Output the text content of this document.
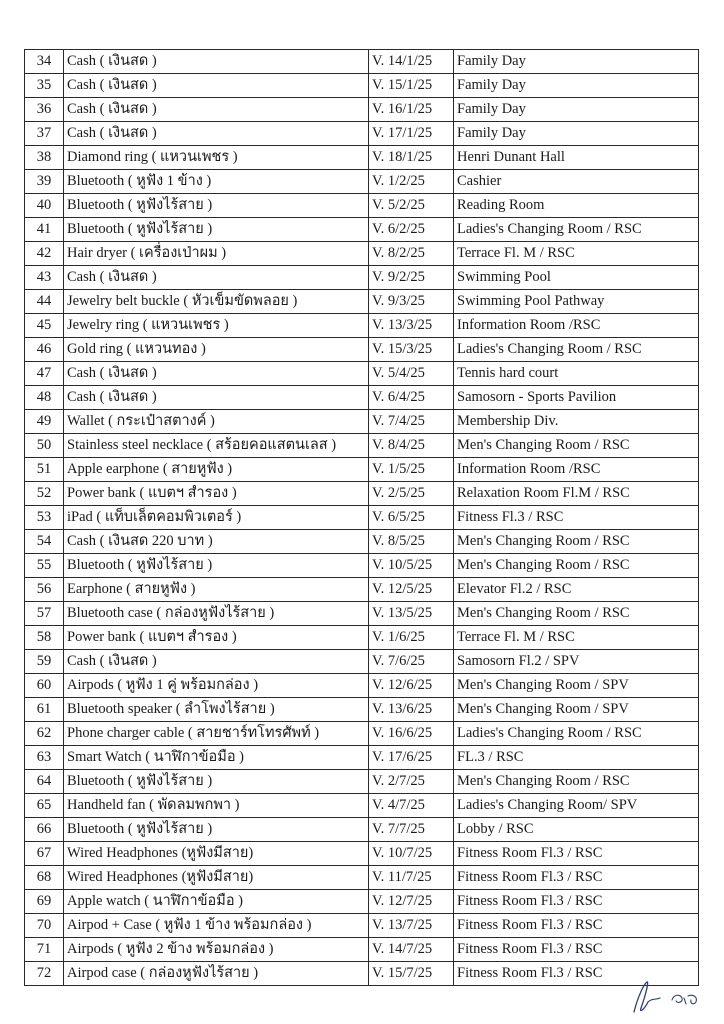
34	Cash ( เงินสด )	V. 14/1/25	Family Day
35	Cash ( เงินสด )	V. 15/1/25	Family Day
36	Cash ( เงินสด )	V. 16/1/25	Family Day
37	Cash ( เงินสด )	V. 17/1/25	Family Day
38	Diamond ring ( แหวนเพชร )	V. 18/1/25	Henri Dunant Hall
39	Bluetooth ( หูฟัง 1 ข้าง )	V. 1/2/25	Cashier
40	Bluetooth ( หูฟังไร้สาย )	V. 5/2/25	Reading Room
41	Bluetooth ( หูฟังไร้สาย )	V. 6/2/25	Ladies's Changing Room / RSC
42	Hair dryer ( เครื่องเป่าผม )	V. 8/2/25	Terrace Fl. M / RSC
43	Cash ( เงินสด )	V. 9/2/25	Swimming Pool
44	Jewelry belt buckle ( หัวเข็มขัดพลอย )	V. 9/3/25	Swimming Pool Pathway
45	Jewelry ring ( แหวนเพชร )	V. 13/3/25	Information Room /RSC
46	Gold ring ( แหวนทอง )	V. 15/3/25	Ladies's Changing Room / RSC
47	Cash ( เงินสด )	V. 5/4/25	Tennis hard court
48	Cash ( เงินสด )	V. 6/4/25	Samosorn - Sports Pavilion
49	Wallet ( กระเป๋าสตางค์ )	V. 7/4/25	Membership Div.
50	Stainless steel necklace ( สร้อยคอแสตนเลส )	V. 8/4/25	Men's Changing Room / RSC
51	Apple earphone ( สายหูฟัง )	V. 1/5/25	Information Room /RSC
52	Power bank ( แบตฯ สำรอง )	V. 2/5/25	Relaxation Room Fl.M / RSC
53	iPad ( แท็บเล็ตคอมพิวเตอร์ )	V. 6/5/25	Fitness Fl.3 / RSC
54	Cash ( เงินสด 220 บาท )	V. 8/5/25	Men's Changing Room / RSC
55	Bluetooth ( หูฟังไร้สาย )	V. 10/5/25	Men's Changing Room / RSC
56	Earphone ( สายหูฟัง )	V. 12/5/25	Elevator Fl.2 / RSC
57	Bluetooth case ( กล่องหูฟังไร้สาย )	V. 13/5/25	Men's Changing Room / RSC
58	Power bank ( แบตฯ สำรอง )	V. 1/6/25	Terrace Fl. M / RSC
59	Cash ( เงินสด )	V. 7/6/25	Samosorn Fl.2 / SPV
60	Airpods ( หูฟัง 1 คู่ พร้อมกล่อง )	V. 12/6/25	Men's Changing Room / SPV
61	Bluetooth speaker ( ลำโพงไร้สาย )	V. 13/6/25	Men's Changing Room / SPV
62	Phone charger cable ( สายชาร์ทโทรศัพท์ )	V. 16/6/25	Ladies's Changing Room / RSC
63	Smart Watch ( นาฬิกาข้อมือ )	V. 17/6/25	FL.3 / RSC
64	Bluetooth ( หูฟังไร้สาย )	V. 2/7/25	Men's Changing Room / RSC
65	Handheld fan ( พัดลมพกพา )	V. 4/7/25	Ladies's Changing Room/ SPV
66	Bluetooth ( หูฟังไร้สาย )	V. 7/7/25	Lobby / RSC
67	Wired Headphones (หูฟังมีสาย)	V. 10/7/25	Fitness Room Fl.3 / RSC
68	Wired Headphones (หูฟังมีสาย)	V. 11/7/25	Fitness Room Fl.3 / RSC
69	Apple watch ( นาฬิกาข้อมือ )	V. 12/7/25	Fitness Room Fl.3 / RSC
70	Airpod + Case ( หูฟัง 1 ข้าง พร้อมกล่อง )	V. 13/7/25	Fitness Room Fl.3 / RSC
71	Airpods ( หูฟัง 2 ข้าง พร้อมกล่อง )	V. 14/7/25	Fitness Room Fl.3 / RSC
72	Airpod case ( กล่องหูฟังไร้สาย )	V. 15/7/25	Fitness Room Fl.3 / RSC
